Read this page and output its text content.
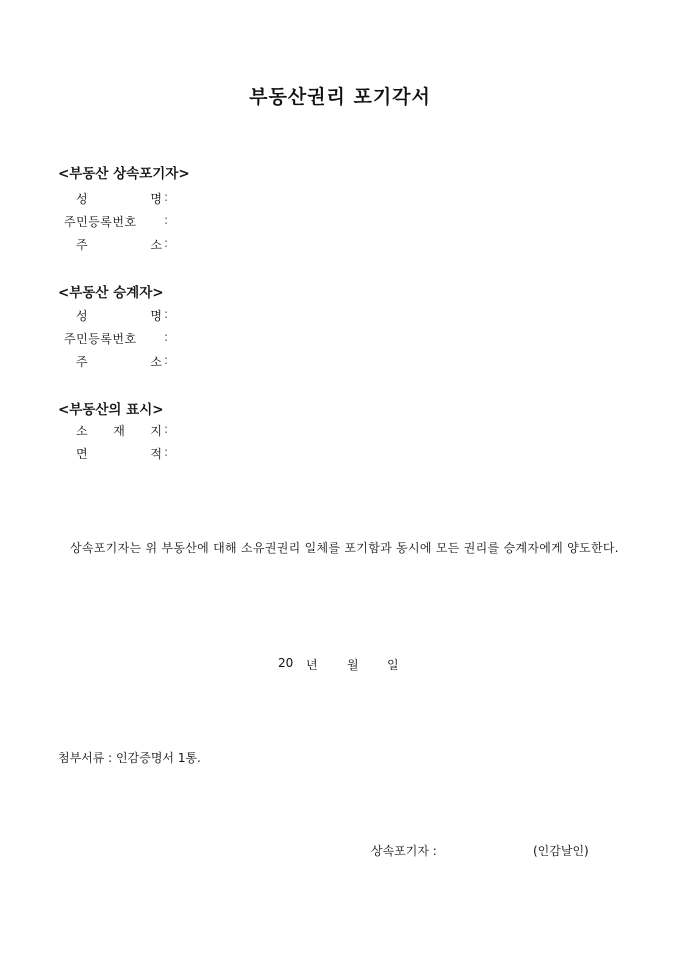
부동산권리 포기각서
<부동산 상속포기자>
성	명 :
주민등록번호 :
주	소 :
<부동산 승계자>
성	명 :
주민등록번호 :
주	소 :
<부동산의 표시>
소 재 지 :
면	적 :
상속포기자는 위 부동산에 대해 소유권권리 일체를 포기함과 동시에 모든 권리를 승계자에게 양도한다.
20 년 월 일
첨부서류 : 인감증명서 1통.
상속포기자 :	(인감날인)
